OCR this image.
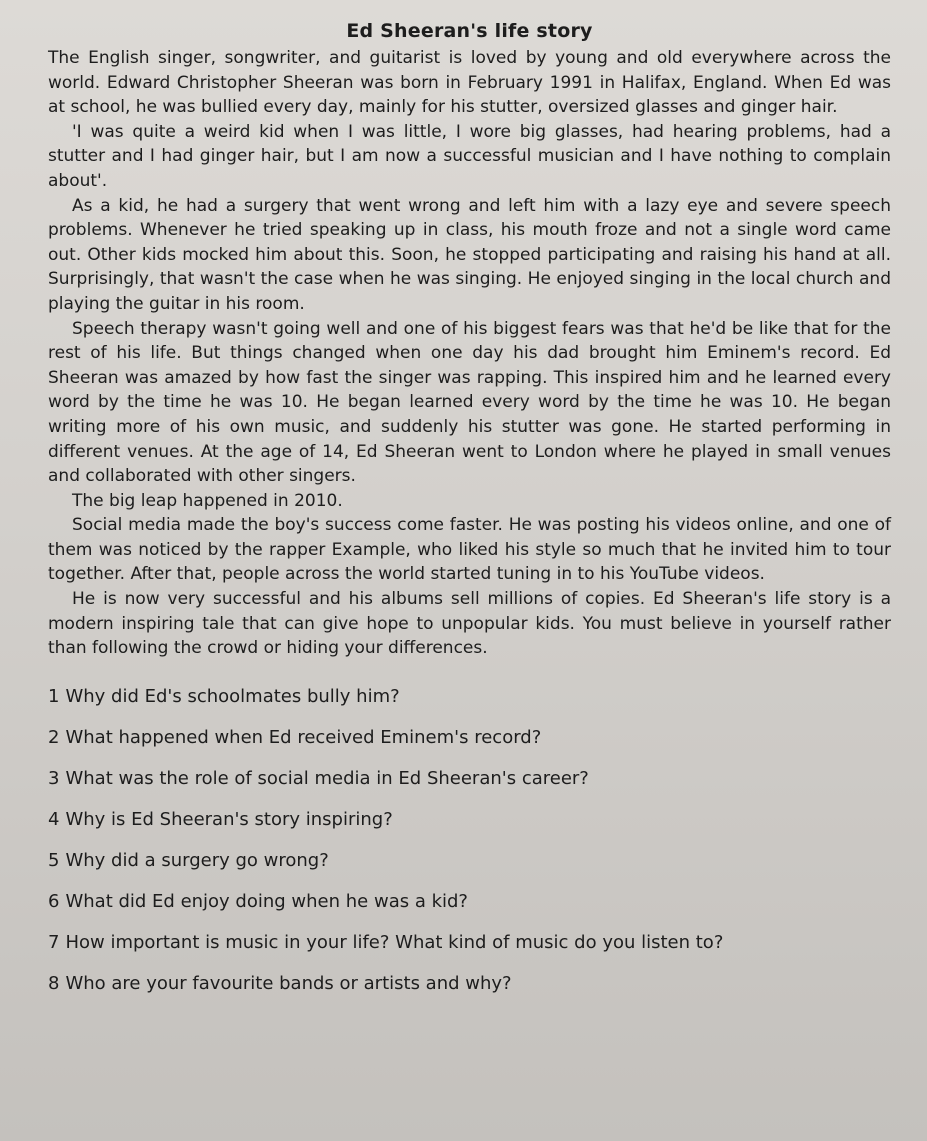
Ed Sheeran's life story

The English singer, songwriter, and guitarist is loved by young and old everywhere across the world. Edward Christopher Sheeran was born in February 1991 in Halifax, England. When Ed was at school, he was bullied every day, mainly for his stutter, oversized glasses and ginger hair.

'I was quite a weird kid when I was little, I wore big glasses, had hearing problems, had a stutter and I had ginger hair, but I am now a successful musician and I have nothing to complain about'.

As a kid, he had a surgery that went wrong and left him with a lazy eye and severe speech problems. Whenever he tried speaking up in class, his mouth froze and not a single word came out. Other kids mocked him about this. Soon, he stopped participating and raising his hand at all. Surprisingly, that wasn't the case when he was singing. He enjoyed singing in the local church and playing the guitar in his room.

Speech therapy wasn't going well and one of his biggest fears was that he'd be like that for the rest of his life. But things changed when one day his dad brought him Eminem's record. Ed Sheeran was amazed by how fast the singer was rapping. This inspired him and he learned every word by the time he was 10. He began learned every word by the time he was 10. He began writing more of his own music, and suddenly his stutter was gone. He started performing in different venues. At the age of 14, Ed Sheeran went to London where he played in small venues and collaborated with other singers.

The big leap happened in 2010.

Social media made the boy's success come faster. He was posting his videos online, and one of them was noticed by the rapper Example, who liked his style so much that he invited him to tour together. After that, people across the world started tuning in to his YouTube videos.

He is now very successful and his albums sell millions of copies. Ed Sheeran's life story is a modern inspiring tale that can give hope to unpopular kids. You must believe in yourself rather than following the crowd or hiding your differences.

1 Why did Ed's schoolmates bully him?
2 What happened when Ed received Eminem's record?
3 What was the role of social media in Ed Sheeran's career?
4 Why is Ed Sheeran's story inspiring?
5 Why did a surgery go wrong?
6 What did Ed enjoy doing when he was a kid?
7 How important is music in your life? What kind of music do you listen to?
8 Who are your favourite bands or artists and why?
